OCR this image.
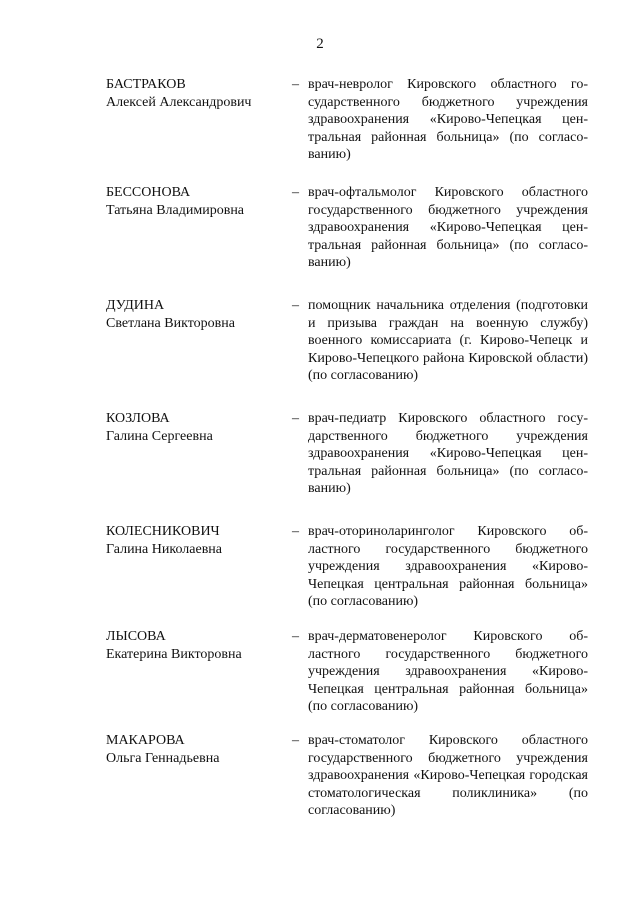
2
БАСТРАКОВ
Алексей Александрович
– врач-невролог Кировского областного государственного бюджетного учреждения здравоохранения «Кирово-Чепецкая центральная районная больница» (по согласованию)
БЕССОНОВА
Татьяна Владимировна
– врач-офтальмолог Кировского областного государственного бюджетного учреждения здравоохранения «Кирово-Чепецкая центральная районная больница» (по согласованию)
ДУДИНА
Светлана Викторовна
– помощник начальника отделения (подготовки и призыва граждан на военную службу) военного комиссариата (г. Кирово-Чепецк и Кирово-Чепецкого района Кировской области) (по согласованию)
КОЗЛОВА
Галина Сергеевна
– врач-педиатр Кировского областного государственного бюджетного учреждения здравоохранения «Кирово-Чепецкая центральная районная больница» (по согласованию)
КОЛЕСНИКОВИЧ
Галина Николаевна
– врач-оториноларинголог Кировского областного государственного бюджетного учреждения здравоохранения «Кирово-Чепецкая центральная районная больница» (по согласованию)
ЛЫСОВА
Екатерина Викторовна
– врач-дерматовенеролог Кировского областного государственного бюджетного учреждения здравоохранения «Кирово-Чепецкая центральная районная больница» (по согласованию)
МАКАРОВА
Ольга Геннадьевна
– врач-стоматолог Кировского областного государственного бюджетного учреждения здравоохранения «Кирово-Чепецкая городская стоматологическая поликлиника» (по согласованию)
